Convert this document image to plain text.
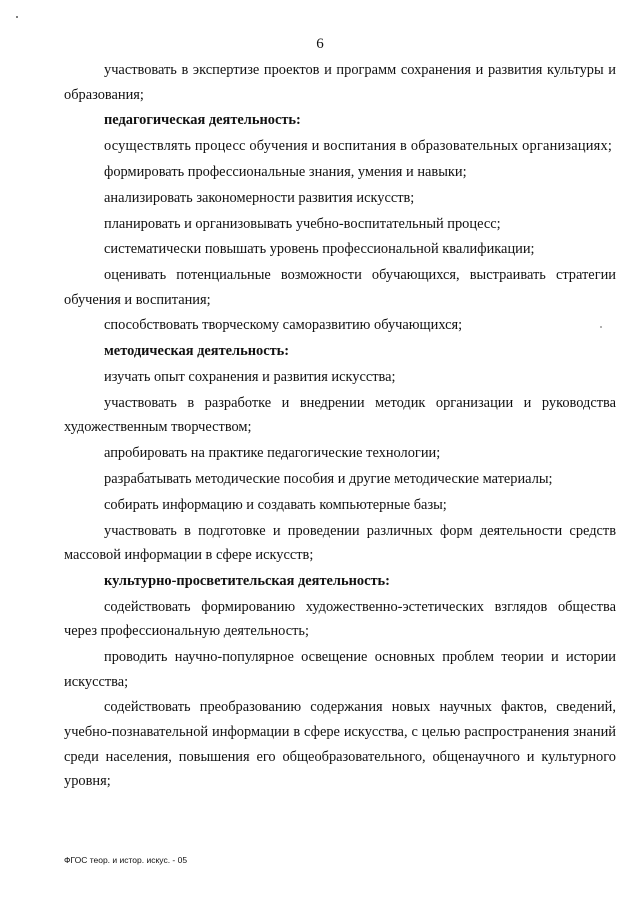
6

участвовать в экспертизе проектов и программ сохранения и развития культуры и образования;

педагогическая деятельность:

осуществлять процесс обучения и воспитания в образовательных организациях;

формировать профессиональные знания, умения и навыки;

анализировать закономерности развития искусств;

планировать и организовывать учебно-воспитательный процесс;

систематически повышать уровень профессиональной квалификации;

оценивать потенциальные возможности обучающихся, выстраивать стратегии обучения и воспитания;

способствовать творческому саморазвитию обучающихся;

методическая деятельность:

изучать опыт сохранения и развития искусства;

участвовать в разработке и внедрении методик организации и руководства художественным творчеством;

апробировать на практике педагогические технологии;

разрабатывать методические пособия и другие методические материалы;

собирать информацию и создавать компьютерные базы;

участвовать в подготовке и проведении различных форм деятельности средств массовой информации в сфере искусств;

культурно-просветительская деятельность:

содействовать формированию художественно-эстетических взглядов общества через профессиональную деятельность;

проводить научно-популярное освещение основных проблем теории и истории искусства;

содействовать преобразованию содержания новых научных фактов, сведений, учебно-познавательной информации в сфере искусства, с целью распространения знаний среди населения, повышения его общеобразовательного, общенаучного и культурного уровня;

ФГОС теор. и истор. искус. - 05
